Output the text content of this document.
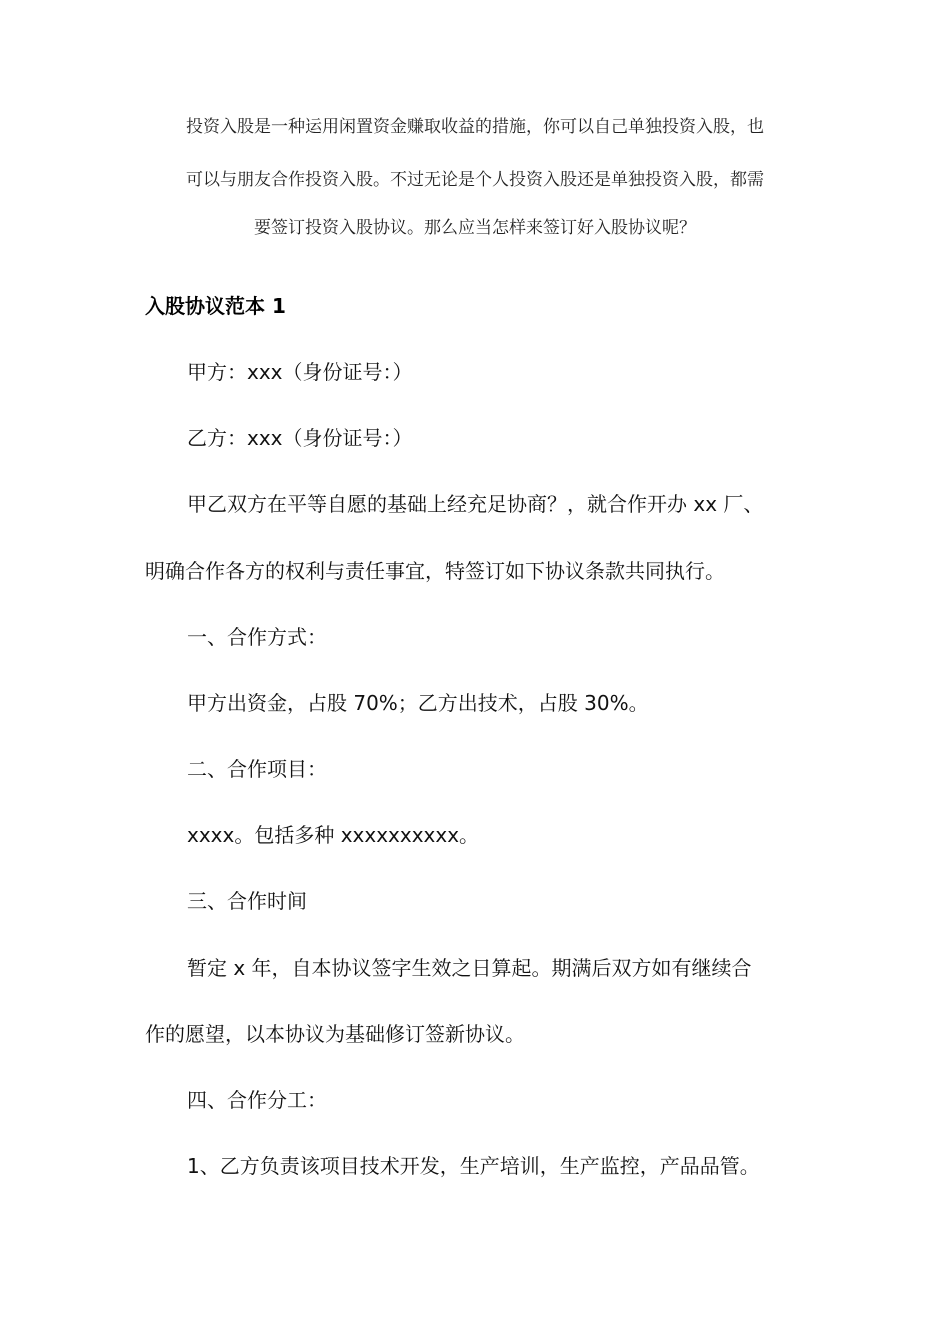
投资入股是一种运用闲置资金赚取收益的措施，你可以自己单独投资入股，也
可以与朋友合作投资入股。不过无论是个人投资入股还是单独投资入股，都需
要签订投资入股协议。那么应当怎样来签订好入股协议呢？
入股协议范本 1
甲方：xxx（身份证号：）
乙方：xxx（身份证号：）
甲乙双方在平等自愿的基础上经充足协商？，就合作开办 xx 厂、
明确合作各方的权利与责任事宜，特签订如下协议条款共同执行。
一、合作方式：
甲方出资金，占股 70%；乙方出技术，占股 30%。
二、合作项目：
xxxx。包括多种 xxxxxxxxxx。
三、合作时间
暂定 x 年，自本协议签字生效之日算起。期满后双方如有继续合
作的愿望，以本协议为基础修订签新协议。
四、合作分工：
1、乙方负责该项目技术开发，生产培训，生产监控，产品品管。
